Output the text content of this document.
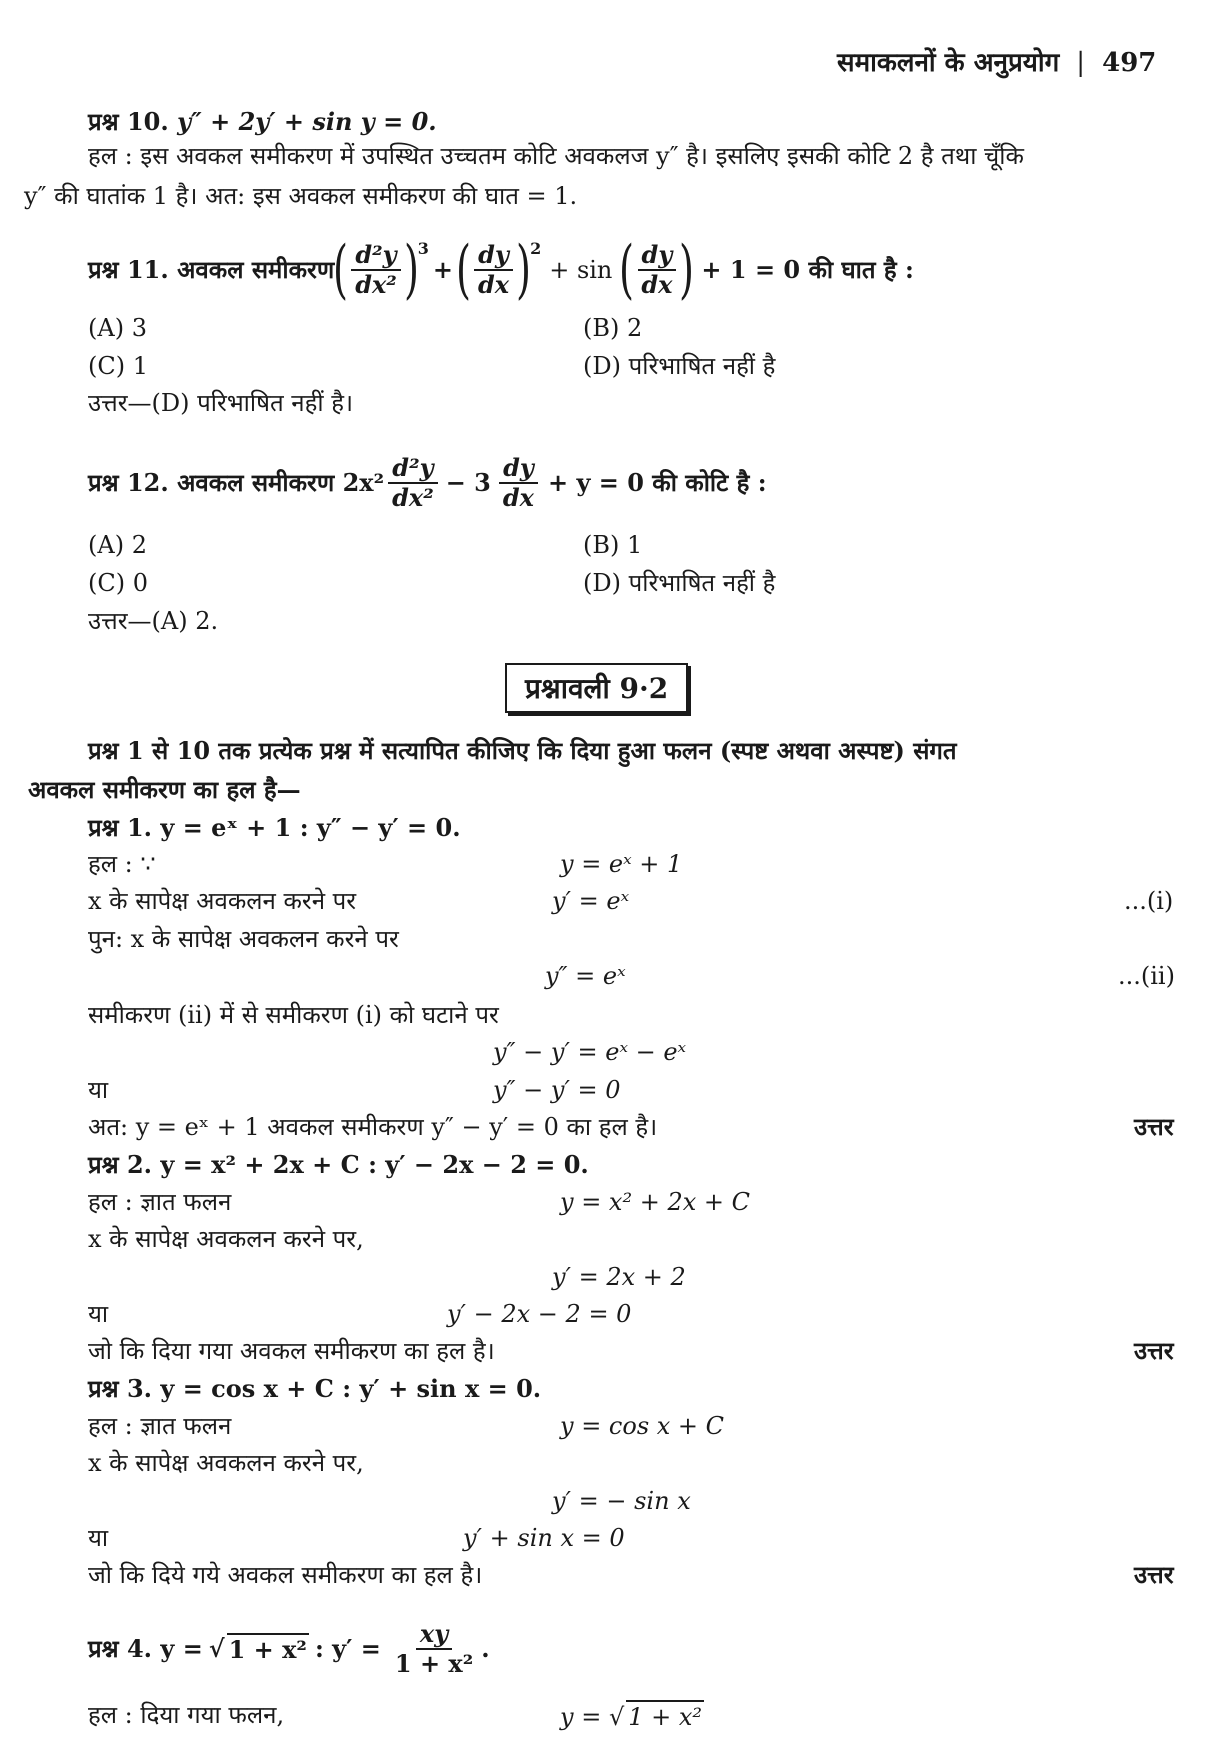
समाकलनों के अनुप्रयोग | 497
प्रश्न 10. y″ + 2y′ + sin y = 0.
हल : इस अवकल समीकरण में उपस्थित उच्चतम कोटि अवकलज y″ है। इसलिए इसकी कोटि 2 है तथा चूँकि
y″ की घातांक 1 है। अत: इस अवकल समीकरण की घात = 1.
प्रश्न 11. अवकल समीकरण
( $\frac{\text{d²y}}{\text{dx²}}$ )
3
+ ( $\frac{dy}{dx}$ )
2
+ sin ( $\frac{dy}{dx}$ ) + 1 = 0 की घात है :
(A) 3	(B) 2
(C) 1	(D) परिभाषित नहीं है
उत्तर—(D) परिभाषित नहीं है।
प्रश्न 12. अवकल समीकरण $2x^2 \frac{\text{d²y}}{\text{dx²}} - 3 \frac{dy}{dx} + y = 0$ की कोटि है :
(A) 2	(B) 1
(C) 0	(D) परिभाषित नहीं है
उत्तर—(A) 2.
प्रश्नावली 9·2
प्रश्न 1 से 10 तक प्रत्येक प्रश्न में सत्यापित कीजिए कि दिया हुआ फलन (स्पष्ट अथवा अस्पष्ट) संगत
अवकल समीकरण का हल है—
प्रश्न 1. y = eˣ + 1 : y″ − y′ = 0.
हल : ∵	y = eˣ + 1
x के सापेक्ष अवकलन करने पर	y′ = eˣ	...(i)
पुन: x के सापेक्ष अवकलन करने पर
y″ = eˣ	...(ii)
समीकरण (ii) में से समीकरण (i) को घटाने पर
y″ − y′ = eˣ − eˣ
या	y″ − y′ = 0
अत: y = eˣ + 1 अवकल समीकरण y″ − y′ = 0 का हल है।	उत्तर
प्रश्न 2. y = x² + 2x + C : y′ − 2x − 2 = 0.
हल : ज्ञात फलन	y = x² + 2x + C
x के सापेक्ष अवकलन करने पर,
y′ = 2x + 2
या	y′ − 2x − 2 = 0
जो कि दिया गया अवकल समीकरण का हल है।	उत्तर
प्रश्न 3. y = cos x + C : y′ + sin x = 0.
हल : ज्ञात फलन	y = cos x + C
x के सापेक्ष अवकलन करने पर,
y′ = − sin x
या	y′ + sin x = 0
जो कि दिये गये अवकल समीकरण का हल है।	उत्तर
प्रश्न 4. y = √ 1 + x² : $y' = \frac{xy}{\text{1 + x²}}$ .
हल : दिया गया फलन,	y = √ 1 + x²
